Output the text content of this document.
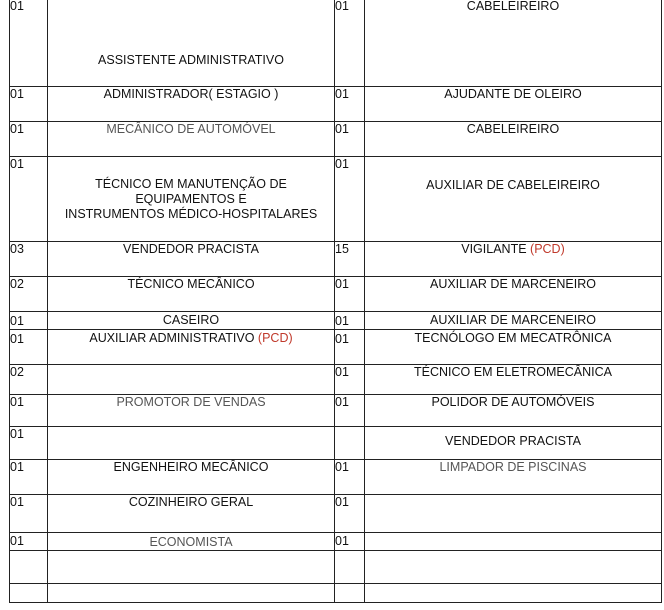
01	ASSISTENTE ADMINISTRATIVO	01	CABELEIREIRO
01	ADMINISTRADOR( ESTAGIO )	01	AJUDANTE DE OLEIRO
01	MECÂNICO DE AUTOMÓVEL	01	CABELEIREIRO
01	TÉCNICO EM MANUTENÇÃO DE
EQUIPAMENTOS E
INSTRUMENTOS MÉDICO-HOSPITALARES	01	AUXILIAR DE CABELEIREIRO
03	VENDEDOR PRACISTA	15	VIGILANTE (PCD)
02	TÉCNICO MECÂNICO	01	AUXILIAR DE MARCENEIRO
01	CASEIRO	01	AUXILIAR DE MARCENEIRO
01	AUXILIAR ADMINISTRATIVO (PCD)	01	TECNÓLOGO EM MECATRÔNICA
02		01	TÉCNICO EM ELETROMECÂNICA
01	PROMOTOR DE VENDAS	01	POLIDOR DE AUTOMÓVEIS
01			VENDEDOR PRACISTA
01	ENGENHEIRO MECÂNICO	01	LIMPADOR DE PISCINAS
01	COZINHEIRO GERAL	01	
01	ECONOMISTA	01	
